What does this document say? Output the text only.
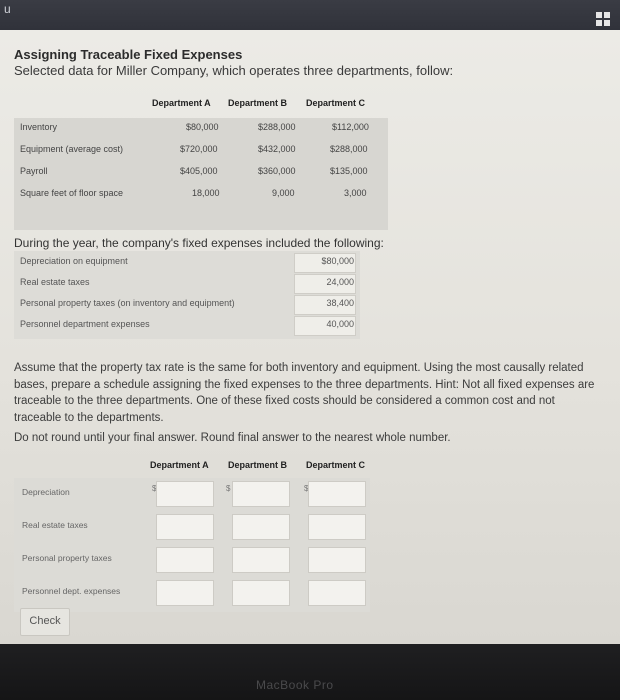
u
Assigning Traceable Fixed Expenses
Selected data for Miller Company, which operates three departments, follow:
Department A Department B Department C
Inventory	$80,000	$288,000	$112,000
Equipment (average cost)	$720,000	$432,000	$288,000
Payroll	$405,000	$360,000	$135,000
Square feet of floor space	18,000	9,000	3,000
During the year, the company's fixed expenses included the following:
Depreciation on equipment	$80,000
Real estate taxes	24,000
Personal property taxes (on inventory and equipment)	38,400
Personnel department expenses	40,000
Assume that the property tax rate is the same for both inventory and equipment. Using the most causally related bases, prepare a schedule assigning the fixed expenses to the three departments. Hint: Not all fixed expenses are traceable to the three departments. One of these fixed costs should be considered a common cost and not traceable to the departments.
Do not round until your final answer. Round final answer to the nearest whole number.
Department A Department B Department C
Depreciation	$	$	$
Real estate taxes
Personal property taxes
Personnel dept. expenses
Check
MacBook Pro
